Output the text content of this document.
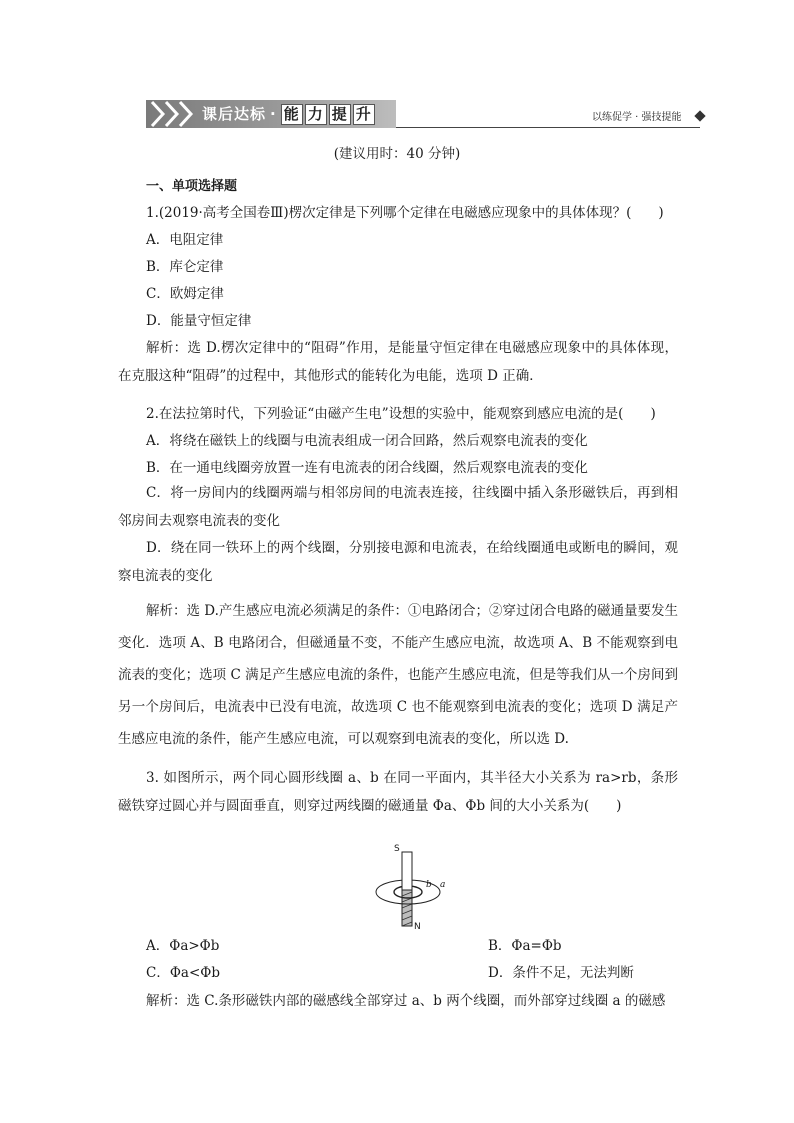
课后达标 · 能 力 提 升	以练促学 · 强技提能
(建议用时：40 分钟)
一、单项选择题
1.(2019·高考全国卷Ⅲ)楞次定律是下列哪个定律在电磁感应现象中的具体体现？(　　)
A．电阻定律
B．库仑定律
C．欧姆定律
D．能量守恒定律
解析：选 D.楞次定律中的“阻碍”作用，是能量守恒定律在电磁感应现象中的具体体现，在克服这种“阻碍”的过程中，其他形式的能转化为电能，选项 D 正确．
2.在法拉第时代，下列验证“由磁产生电”设想的实验中，能观察到感应电流的是(　　)
A．将绕在磁铁上的线圈与电流表组成一闭合回路，然后观察电流表的变化
B．在一通电线圈旁放置一连有电流表的闭合线圈，然后观察电流表的变化
C．将一房间内的线圈两端与相邻房间的电流表连接，往线圈中插入条形磁铁后，再到相邻房间去观察电流表的变化
D．绕在同一铁环上的两个线圈，分别接电源和电流表，在给线圈通电或断电的瞬间，观察电流表的变化
解析：选 D.产生感应电流必须满足的条件：①电路闭合；②穿过闭合电路的磁通量要发生变化．选项 A、B 电路闭合，但磁通量不变，不能产生感应电流，故选项 A、B 不能观察到电流表的变化；选项 C 满足产生感应电流的条件，也能产生感应电流，但是等我们从一个房间到另一个房间后，电流表中已没有电流，故选项 C 也不能观察到电流表的变化；选项 D 满足产生感应电流的条件，能产生感应电流，可以观察到电流表的变化，所以选 D.
3. 如图所示，两个同心圆形线圈 a、b 在同一平面内，其半径大小关系为 ra>rb，条形磁铁穿过圆心并与圆面垂直，则穿过两线圈的磁通量 Φa、Φb 间的大小关系为(　　)
S
N
b a
A．Φa>Φb	B．Φa=Φb
C．Φa<Φb	D．条件不足，无法判断
解析：选 C.条形磁铁内部的磁感线全部穿过 a、b 两个线圈，而外部穿过线圈 a 的磁感
